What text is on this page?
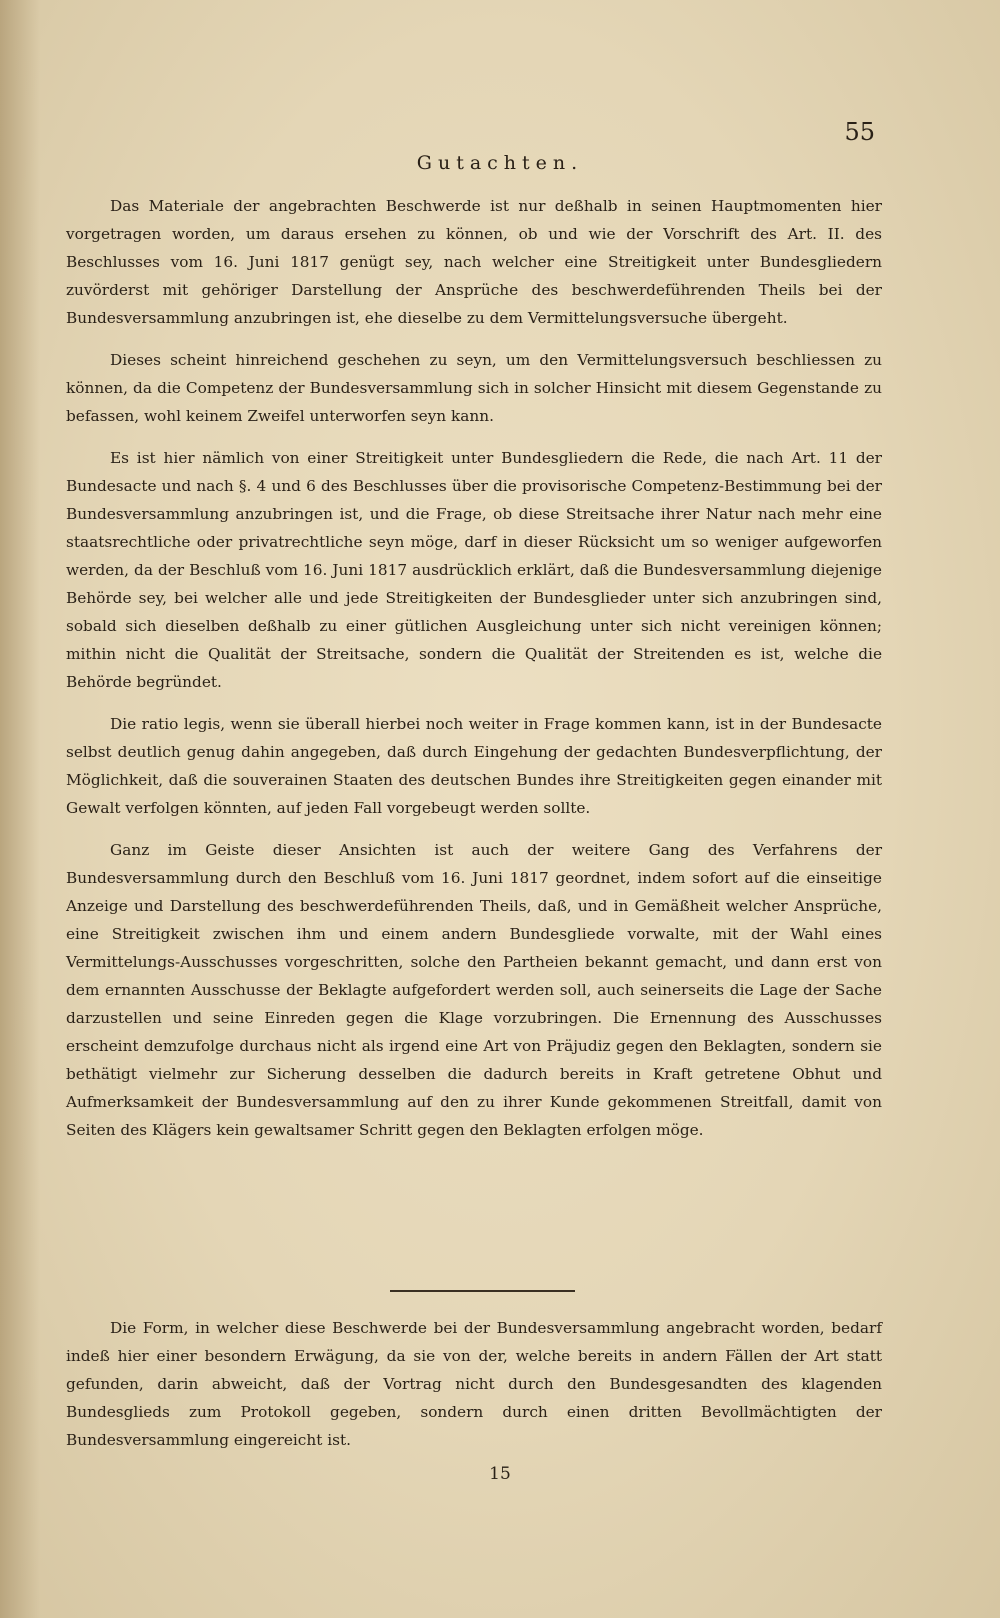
55
Gutachten.

Das Materiale der angebrachten Beschwerde ist nur deßhalb in seinen Hauptmomenten hier vorgetragen worden, um daraus ersehen zu können, ob und wie der Vorschrift des Art. II. des Beschlusses vom 16. Juni 1817 genügt sey, nach welcher eine Streitigkeit unter Bundesgliedern zuvörderst mit gehöriger Darstellung der Ansprüche des beschwerdeführenden Theils bei der Bundesversammlung anzubringen ist, ehe dieselbe zu dem Vermittelungsversuche übergeht.

Dieses scheint hinreichend geschehen zu seyn, um den Vermittelungsversuch beschliessen zu können, da die Competenz der Bundesversammlung sich in solcher Hinsicht mit diesem Gegenstande zu befassen, wohl keinem Zweifel unterworfen seyn kann.

Es ist hier nämlich von einer Streitigkeit unter Bundesgliedern die Rede, die nach Art. 11 der Bundesacte und nach §. 4 und 6 des Beschlusses über die provisorische Competenz-Bestimmung bei der Bundesversammlung anzubringen ist, und die Frage, ob diese Streitsache ihrer Natur nach mehr eine staatsrechtliche oder privatrechtliche seyn möge, darf in dieser Rücksicht um so weniger aufgeworfen werden, da der Beschluß vom 16. Juni 1817 ausdrücklich erklärt, daß die Bundesversammlung diejenige Behörde sey, bei welcher alle und jede Streitigkeiten der Bundesglieder unter sich anzubringen sind, sobald sich dieselben deßhalb zu einer gütlichen Ausgleichung unter sich nicht vereinigen können; mithin nicht die Qualität der Streitsache, sondern die Qualität der Streitenden es ist, welche die Behörde begründet.

Die ratio legis, wenn sie überall hierbei noch weiter in Frage kommen kann, ist in der Bundesacte selbst deutlich genug dahin angegeben, daß durch Eingehung der gedachten Bundesverpflichtung, der Möglichkeit, daß die souverainen Staaten des deutschen Bundes ihre Streitigkeiten gegen einander mit Gewalt verfolgen könnten, auf jeden Fall vorgebeugt werden sollte.

Ganz im Geiste dieser Ansichten ist auch der weitere Gang des Verfahrens der Bundesversammlung durch den Beschluß vom 16. Juni 1817 geordnet, indem sofort auf die einseitige Anzeige und Darstellung des beschwerdeführenden Theils, daß, und in Gemäßheit welcher Ansprüche, eine Streitigkeit zwischen ihm und einem andern Bundesgliede vorwalte, mit der Wahl eines Vermittelungs-Ausschusses vorgeschritten, solche den Partheien bekannt gemacht, und dann erst von dem ernannten Ausschusse der Beklagte aufgefordert werden soll, auch seinerseits die Lage der Sache darzustellen und seine Einreden gegen die Klage vorzubringen. Die Ernennung des Ausschusses erscheint demzufolge durchaus nicht als irgend eine Art von Präjudiz gegen den Beklagten, sondern sie bethätigt vielmehr zur Sicherung desselben die dadurch bereits in Kraft getretene Obhut und Aufmerksamkeit der Bundesversammlung auf den zu ihrer Kunde gekommenen Streitfall, damit von Seiten des Klägers kein gewaltsamer Schritt gegen den Beklagten erfolgen möge.

Die Form, in welcher diese Beschwerde bei der Bundesversammlung angebracht worden, bedarf indeß hier einer besondern Erwägung, da sie von der, welche bereits in andern Fällen der Art statt gefunden, darin abweicht, daß der Vortrag nicht durch den Bundesgesandten des klagenden Bundesglieds zum Protokoll gegeben, sondern durch einen dritten Bevollmächtigten der Bundesversammlung eingereicht ist.

15
